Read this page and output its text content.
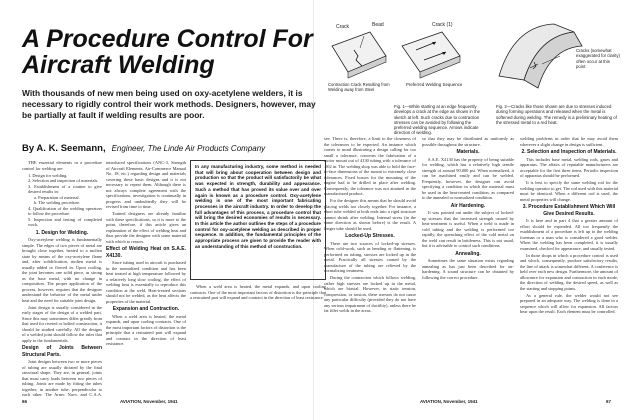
A Procedure Control For Aircraft Welding
With thousands of new men being used on oxy-acetylene welders, it is necessary to rigidly control their work methods. Designers, however, may be partially at fault if welding results are poor.
By A. K. Seemann, Engineer, The Linde Air Products Company
Crack	Bead	Crack (1)
Contraction Crack Resulting from Welding away from Steel
Preferred Welding Sequence
Cracks (somewhat exaggerated for clarity) often occur at this point
Fig. 1—While starting at an edge frequently develops a crack at the edge as shown in the sketch at left. Such cracks due to contraction stresses can be avoided by following the preferred welding sequence. Arrows indicate direction of welding.
Fig. 2—Cracks like those shown are due to stresses induced during forming operations and released when the metal is softened during welding. The remedy is a preliminary heating of the stressed metal to a red heat.
In any manufacturing industry, some method is needed that will bring about cooperation between design and production so that the product will satisfactorily be what was expected in strength, durability and appearance. Such a method that has proved its value over and over again is known as a procedure control. Oxy-acetylene welding is one of the most important fabricating processes in the aircraft industry. In order to develop the full advantages of this process, a procedure control that will bring the desired economies of results is necessary. In this article the author outlines the steps of a procedure control for oxy-acetylene welding as described in proper sequence. In addition, the fundamental principles of the appropriate process are given to provide the reader with an understanding of this method of construction.

THE essential elements in a procedure control for welding are:

1. Design for welding.

2. Selection and inspection of materials.

3. Establishment of a routine to give desired results in:

a. Preparation of material.

b. The welding procedure.

4. Qualification of the welding operators to follow the procedure.

5. Inspection and testing of completed work.

1. Design for Welding.

Oxy-acetylene welding is fundamentally simple. The edges of two pieces of metal are brought close together, heated to a molten state by means of the oxy-acetylene flame and, after solidification, molten metal is usually added or flowed in. Upon cooling, the joint becomes one solid piece, as strong as the base metal, with no change in composition. The proper application of the process, however, requires that the designer understand the behavior of the metal under heat and the need for suitable joint design.

Joint design is usually considered in the early stages of the design of a welded part. Since this may sometimes differ greatly from that used for riveted or bolted construction, it should be studied carefully. All the designs of a welded joint should follow the rules that apply to the fundamentals.

Design of Joints Between Structural Parts.

Joint designs between two or more pieces of tubing are usually dictated by the final structural shape. They are, in general, joints that must carry loads between two pieces of tubing. Joints are made by fitting the tubes together, in another tube, perpendicular to each other. The Army, Navy, and C.A.A.

introduced specifications (ANC-3, Strength of Aircraft Elements, Air-Commerce Manual No. 18, etc.) regarding design and materials covering these basic designs and it is not necessary to repeat them. Although there is not always complete agreement with the specifications, investigation is continually in progress and undoubtedly they will be revised from time to time.

Trained designers are already familiar with these specifications, so it is more to the point, therefore, if this article gives an explanation of the effect of welding heat and thus provide the designer with some material with which to reason.

Effect of Welding Heat on S.A.E. X4130.

Since tubing used in aircraft is purchased in the normalized condition and has been heat treated at high temperature followed by a relatively long slow cooling, the effect of welding heat is essentially to reproduce this condition at the weld. Heat-treated sections should not be welded, as the heat affects the properties of the material.

Expansion and Contraction.

When a weld area is heated, the metal expands, and upon cooling contracts. One of the most important factors of distortion is the principle that a restrained part will expand and contract in the direction of least resistance.

When a weld area is heated, the metal expands, and upon cooling contracts. One of the most important factors of distortion is the principle that a restrained part will expand and contract in the direction of least resistance.

see. There is, therefore, a limit to the closeness of the tolerances to be expected. An instance which comes to mind illustrating a design calling for too small a tolerance, concerns the fabrication of a motor mount out of 4130 tubing with a tolerance of .002 in. The welding shop was able to hold the face-to-face dimensions of the mount to extremely close tolerances. Fixed bosses for the mounting of the engine had to be drilled in place after welding. Consequently, the tolerance was not attained in the manufactured product.

For the designer this means that he should avoid placing welds too closely together. For instance, a short tube welded at both ends into a rigid structure cannot shrink after welding. Internal stress (in the same direction as shown before) is the result. A longer tube should be used.

Locked-Up Stresses.

There are two sources of locked-up stresses. When cold-work, such as bending or flattening, is performed on tubing, stresses are locked up in the metal. Practically all stresses caused by the manufacture of the tubing are relieved by the normalizing treatment.

During the contraction which follows welding, rather high stresses are locked up in the metal, which are biaxial. However, in static tension, compression, or torsion, these stresses do not cause any particular difficulty (provided they do not have any serious impairment of ductility), unless there be fat fillet welds in the areas.

so that they may be distributed as uniformly as possible throughout the structure.

Materials.

S.A.E. X4130 has the property of being suitable for welding, which has a relatively high tensile strength of around 90,000 psi. When normalized, it can be machined easily and can be welded. Frequently, however, the designer can avoid specifying a condition in which the material must be used in the heat-treated condition, as compared to the annealed or normalized condition.

Air Hardening.

It was pointed out under the subject of locked-up stresses that the increased strength caused by heat-treatment is useful. When a weld is made in cold tubing and the welding is performed too rapidly, the quenching effect of the cold metal on the weld can result in brittleness. This is not usual, but it is advisable to control such conditions.

Annealing.

Sometimes the same situation exists regarding annealing as has just been described for air-hardening. A sound structure can be obtained by following the correct procedure.

welding problems in order that he may avoid them wherever a slight change in design is sufficient.

2. Selection and Inspection of Materials.

This includes base metal, welding rods, gases and apparatus. The affairs of reputable manufacturers are acceptable for the first three items. Periodic inspection of apparatus should be performed.

It is best to specify the same welding rod for the welding operator to get. The rod used with this material must be identical. When a different rod is used, the metal properties will change.

3. Procedure Establishment Which Will Give Desired Results.

It is here and in part 4 that a greater amount of effort should be expended. All too frequently the establishment of a procedure is left up to the welding foreman or a man who is considered a good welder. When the welding has been completed, it is usually examined, checked for appearance, and usually tested.

In those shops in which a procedure control is used and which, consequently, produce satisfactory results, the line of attack is somewhat different. A conference is held over each new design. Furthermore, the amount of allowance for expansion and contraction in each mode, the direction of welding, the desired speed, as well as the starting and stopping points.

As a general rule, the welder would not see prepared in an adequate way. The welding is done in a sequence which will allow for expansion. All factors bear upon the result. Each element must be controlled.

66	AVIATION, November, 1941	AVIATION, November, 1941	67
